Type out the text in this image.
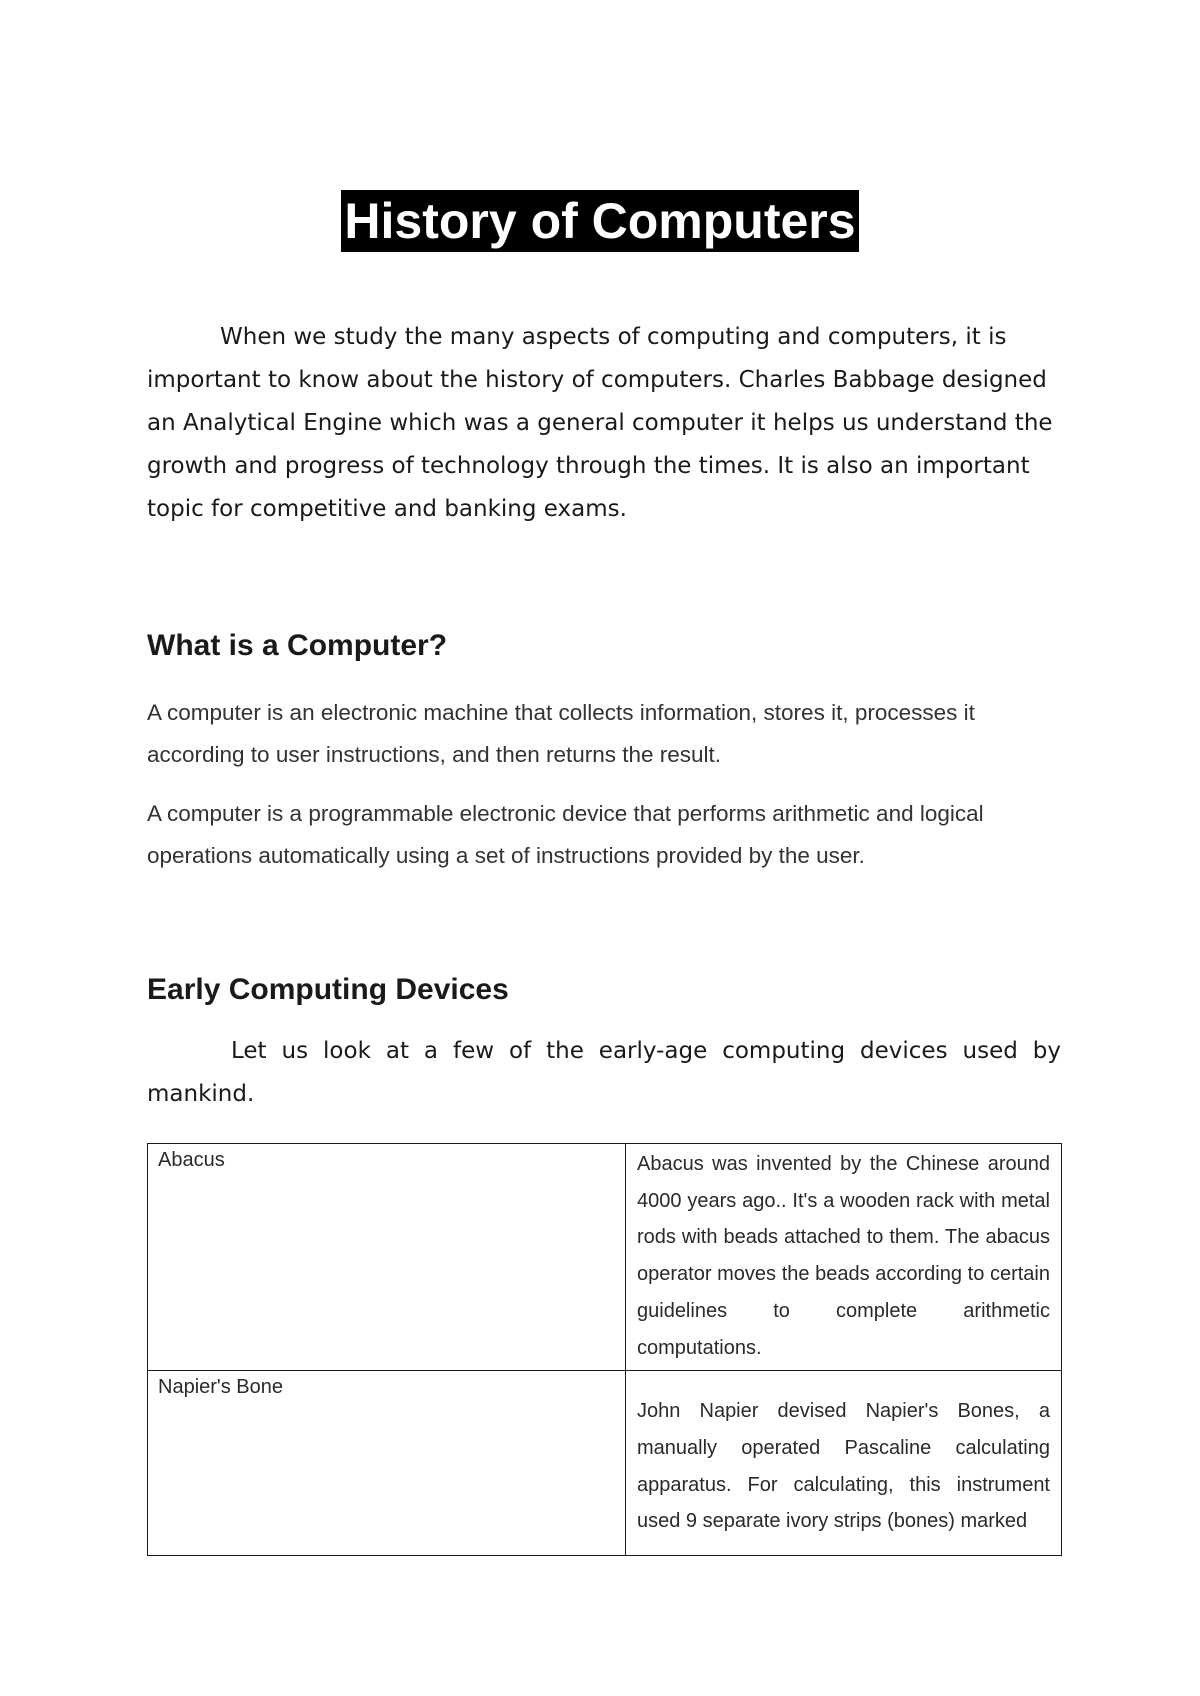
History of Computers

When we study the many aspects of computing and computers, it is important to know about the history of computers. Charles Babbage designed an Analytical Engine which was a general computer it helps us understand the growth and progress of technology through the times. It is also an important topic for competitive and banking exams.

What is a Computer?

A computer is an electronic machine that collects information, stores it, processes it according to user instructions, and then returns the result.

A computer is a programmable electronic device that performs arithmetic and logical operations automatically using a set of instructions provided by the user.

Early Computing Devices

Let us look at a few of the early-age computing devices used by mankind.

Abacus	Abacus was invented by the Chinese around 4000 years ago.. It's a wooden rack with metal rods with beads attached to them. The abacus operator moves the beads according to certain guidelines to complete arithmetic computations.
Napier's Bone	John Napier devised Napier's Bones, a manually operated Pascaline calculating apparatus. For calculating, this instrument used 9 separate ivory strips (bones) marked
